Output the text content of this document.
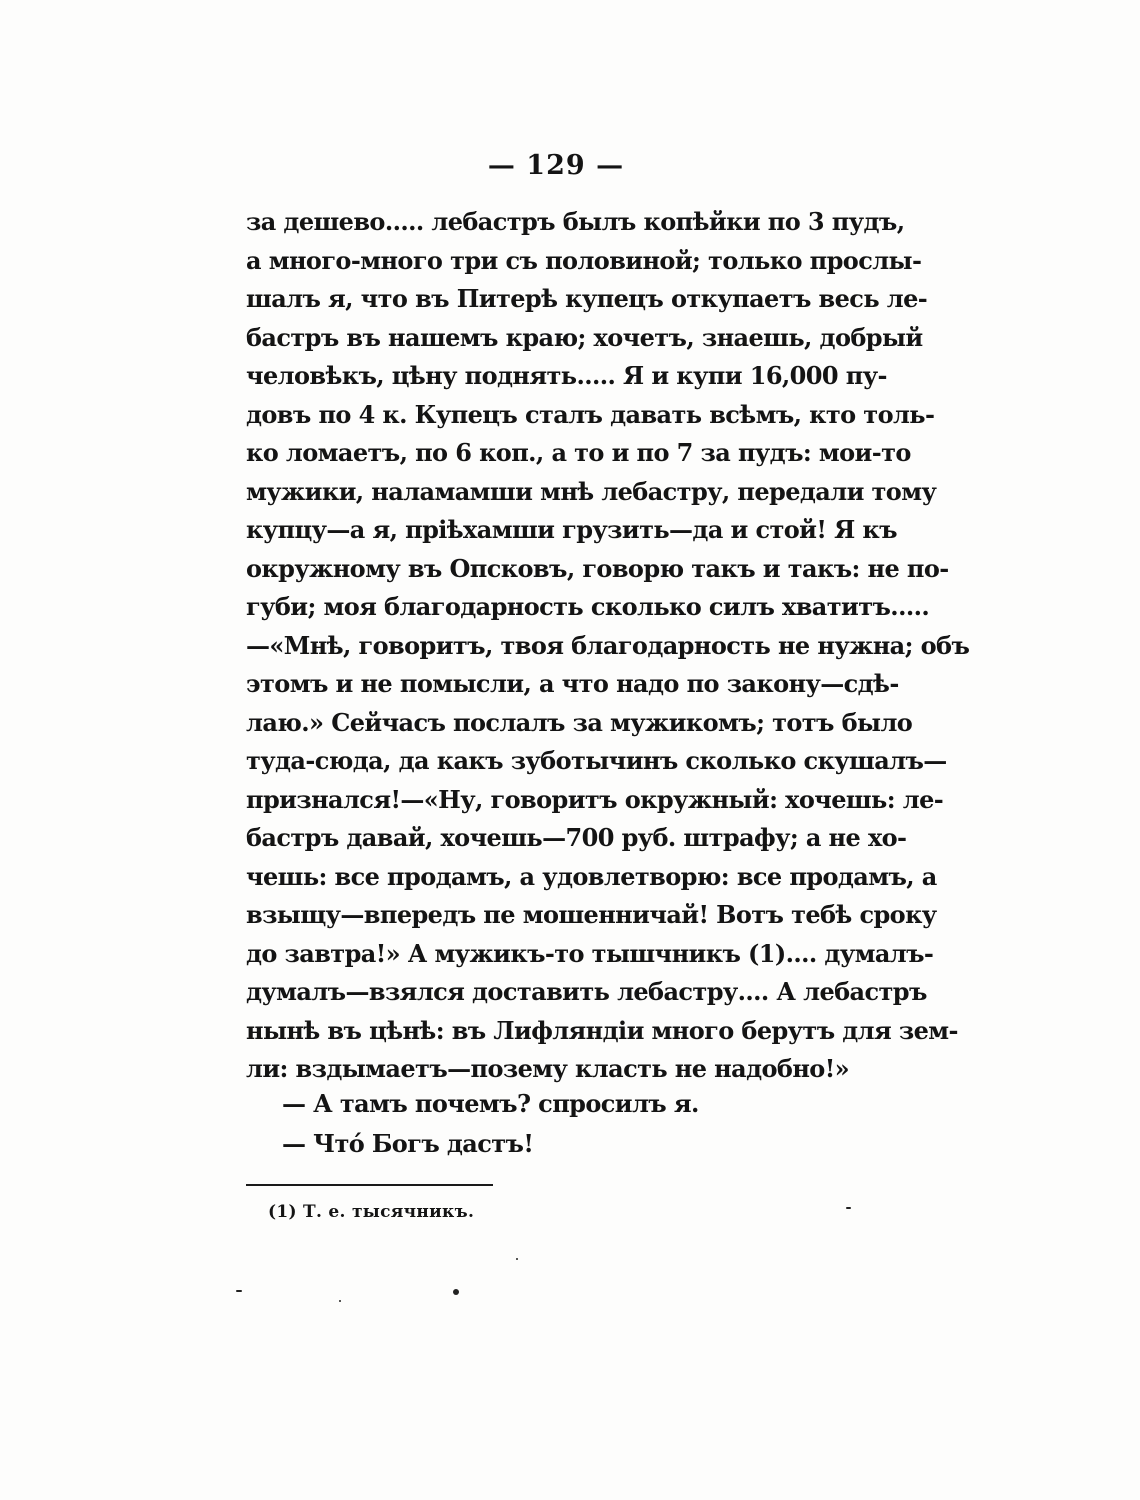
— 129 —
за дешево..... лебастръ былъ копѣйки по 3 пудъ,
а много-много три съ половиной; только прослы-
шалъ я, что въ Питерѣ купецъ откупаетъ весь ле-
бастръ въ нашемъ краю; хочетъ, знаешь, добрый
человѣкъ, цѣну поднять..... Я и купи 16,000 пу-
довъ по 4 к. Купецъ сталъ давать всѣмъ, кто толь-
ко ломаетъ, по 6 коп., а то и по 7 за пудъ: мои-то
мужики, наламамши мнѣ лебастру, передали тому
купцу—а я, прiѣхамши грузить—да и стой! Я къ
окружному въ Опсковъ, говорю такъ и такъ: не по-
губи; моя благодарность сколько силъ хватитъ.....
—«Мнѣ, говоритъ, твоя благодарность не нужна; объ
этомъ и не помысли, а что надо по закону—сдѣ-
лаю.» Сейчасъ послалъ за мужикомъ; тотъ было
туда-сюда, да какъ зуботычинъ сколько скушалъ—
признался!—«Ну, говоритъ окружный: хочешь: ле-
бастръ давай, хочешь—700 руб. штрафу; а не хо-
чешь: все продамъ, а удовлетворю: все продамъ, а
взыщу—впередъ пе мошенничай! Вотъ тебѣ сроку
до завтра!» А мужикъ-то тышчникъ (1).... думалъ-
думалъ—взялся доставить лебастру.... А лебастръ
нынѣ въ цѣнѣ: въ Лифляндiи много берутъ для зем-
ли: вздымаетъ—позему класть не надобно!»
— А тамъ почемъ? спросилъ я.
— Чтó Богъ дастъ!
(1) Т. е. тысячникъ.
